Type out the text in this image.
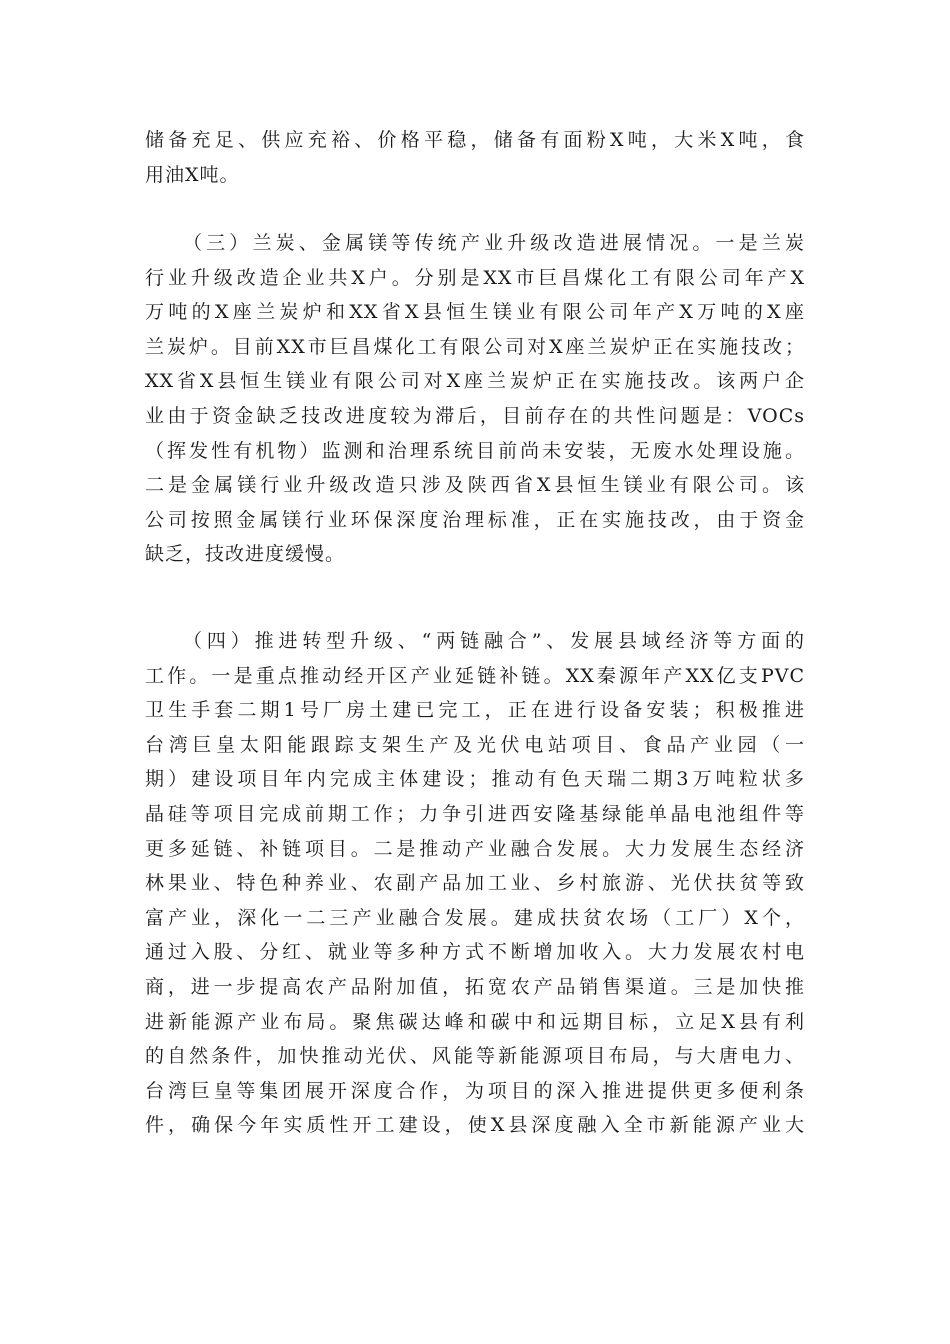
储备充足、供应充裕、价格平稳，储备有面粉X吨，大米X吨，食
用油X吨。
（三）兰炭、金属镁等传统产业升级改造进展情况。一是兰炭
行业升级改造企业共X户。分别是XX市巨昌煤化工有限公司年产X
万吨的X座兰炭炉和XX省X县恒生镁业有限公司年产X万吨的X座
兰炭炉。目前XX市巨昌煤化工有限公司对X座兰炭炉正在实施技改；
XX省X县恒生镁业有限公司对X座兰炭炉正在实施技改。该两户企
业由于资金缺乏技改进度较为滞后，目前存在的共性问题是：VOCs
（挥发性有机物）监测和治理系统目前尚未安装，无废水处理设施。
二是金属镁行业升级改造只涉及陕西省X县恒生镁业有限公司。该
公司按照金属镁行业环保深度治理标准，正在实施技改，由于资金
缺乏，技改进度缓慢。
（四）推进转型升级、“两链融合”、发展县域经济等方面的
工作。一是重点推动经开区产业延链补链。XX秦源年产XX亿支PVC
卫生手套二期1号厂房土建已完工，正在进行设备安装；积极推进
台湾巨皇太阳能跟踪支架生产及光伏电站项目、食品产业园（一
期）建设项目年内完成主体建设；推动有色天瑞二期3万吨粒状多
晶硅等项目完成前期工作；力争引进西安隆基绿能单晶电池组件等
更多延链、补链项目。二是推动产业融合发展。大力发展生态经济
林果业、特色种养业、农副产品加工业、乡村旅游、光伏扶贫等致
富产业，深化一二三产业融合发展。建成扶贫农场（工厂）X个，
通过入股、分红、就业等多种方式不断增加收入。大力发展农村电
商，进一步提高农产品附加值，拓宽农产品销售渠道。三是加快推
进新能源产业布局。聚焦碳达峰和碳中和远期目标，立足X县有利
的自然条件，加快推动光伏、风能等新能源项目布局，与大唐电力、
台湾巨皇等集团展开深度合作，为项目的深入推进提供更多便利条
件，确保今年实质性开工建设，使X县深度融入全市新能源产业大
